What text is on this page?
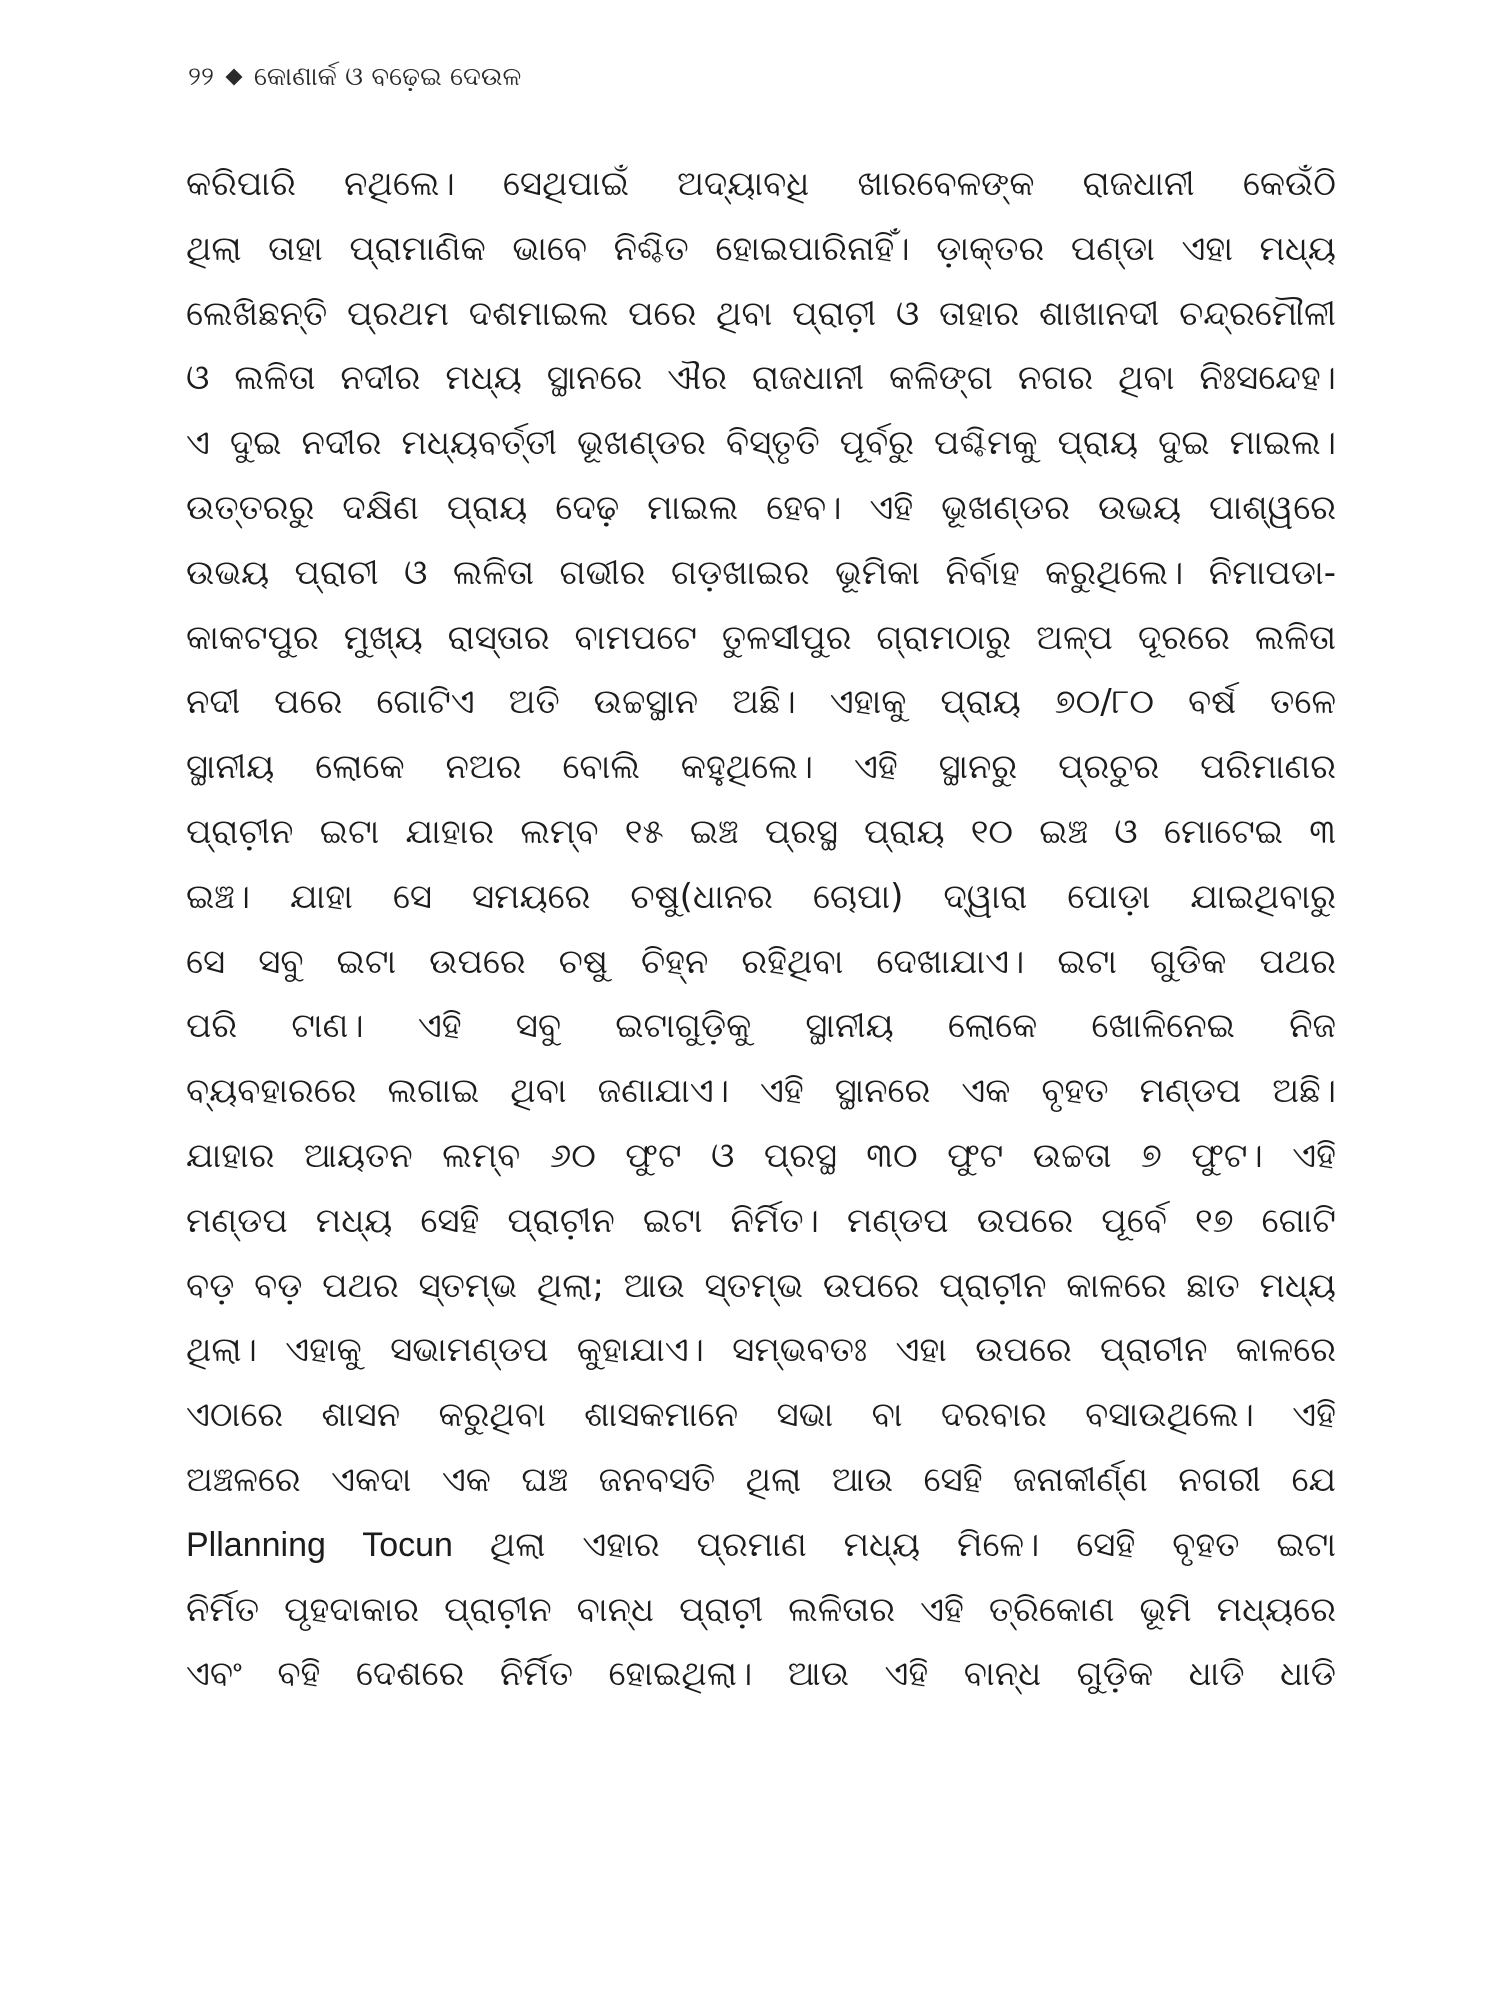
୨୨ କୋଣାର୍କ ଓ ବଢ଼େଇ ଦେଉଳ
କରିପାରି ନଥିଲେ। ସେଥିପାଇଁ ଅଦ୍ୟାବଧି ଖାରବେଳଙ୍କ ରାଜଧାନୀ କେଉଁଠି
ଥିଲା ତାହା ପ୍ରାମାଣିକ ଭାବେ ନିଶ୍ଚିତ ହୋଇପାରିନାହିଁ। ଡ଼ାକ୍ତର ପଣ୍ଡା ଏହା ମଧ୍ୟ
ଲେଖିଛନ୍ତି ପ୍ରଥମ ଦଶମାଇଲ ପରେ ଥିବା ପ୍ରାଚ଼ୀ ଓ ତାହାର ଶାଖାନଦୀ ଚନ୍ଦ୍ରମୌଳୀ
ଓ ଲଳିତା ନଦୀର ମଧ୍ୟ ସ୍ଥାନରେ ଐର ରାଜଧାନୀ କଳିଙ୍ଗ ନଗର ଥିବା ନିଃସନ୍ଦେହ।
ଏ ଦୁଇ ନଦୀର ମଧ୍ୟବର୍ତ୍ତୀ ଭୂଖଣ୍ଡର ବିସ୍ତୃତି ପୂର୍ବରୁ ପଶ୍ଚିମକୁ ପ୍ରାୟ ଦୁଇ ମାଇଲ।
ଉତ୍ତରରୁ ଦକ୍ଷିଣ ପ୍ରାୟ ଦେଢ଼ ମାଇଲ ହେବ। ଏହି ଭୂଖଣ୍ଡର ଉଭୟ ପାଶ୍ୱରେ
ଉଭୟ ପ୍ରାଚୀ ଓ ଲଳିତା ଗଭୀର ଗଡ଼ଖାଇର ଭୂମିକା ନିର୍ବାହ କରୁଥିଲେ। ନିମାପଡା-
କାକଟପୁର ମୁଖ୍ୟ ରାସ୍ତାର ବାମପଟେ ତୁଳସୀପୁର ଗ୍ରାମଠାରୁ ଅଳ୍ପ ଦୂରରେ ଲଳିତା
ନଦୀ ପରେ ଗୋଟିଏ ଅତି ଉଚ୍ଚସ୍ଥାନ ଅଛି। ଏହାକୁ ପ୍ରାୟ ୭୦/୮୦ ବର୍ଷ ତଳେ
ସ୍ଥାନୀୟ ଲୋକେ ନଅର ବୋଲି କହୁଥିଲେ। ଏହି ସ୍ଥାନରୁ ପ୍ରଚୁର ପରିମାଣର
ପ୍ରାଚ଼ୀନ ଇଟା ଯାହାର ଲମ୍ବ ୧୫ ଇଞ୍ଚ ପ୍ରସ୍ଥ ପ୍ରାୟ ୧୦ ଇଞ୍ଚ ଓ ମୋଟେଇ ୩
ଇଞ୍ଚ। ଯାହା ସେ ସମୟରେ ଚଷୁ(ଧାନର ଚୋପା) ଦ୍ୱାରା ପୋଡ଼ା ଯାଇଥିବାରୁ
ସେ ସବୁ ଇଟା ଉପରେ ଚଷୁ ଚିହ୍ନ ରହିଥିବା ଦେଖାଯାଏ। ଇଟା ଗୁଡିକ ପଥର
ପରି ଟାଣ। ଏହି ସବୁ ଇଟାଗୁଡ଼ିକୁ ସ୍ଥାନୀୟ ଲୋକେ ଖୋଳିନେଇ ନିଜ
ବ୍ୟବହାରରେ ଲଗାଇ ଥିବା ଜଣାଯାଏ। ଏହି ସ୍ଥାନରେ ଏକ ବୃହତ ମଣ୍ଡପ ଅଛି।
ଯାହାର ଆୟତନ ଲମ୍ବ ୬୦ ଫୁଟ ଓ ପ୍ରସ୍ଥ ୩୦ ଫୁଟ ଉଚ୍ଚତା ୭ ଫୁଟ। ଏହି
ମଣ୍ଡପ ମଧ୍ୟ ସେହି ପ୍ରାଚ଼ୀନ ଇଟା ନିର୍ମିତ। ମଣ୍ଡପ ଉପରେ ପୂର୍ବେ ୧୭ ଗୋଟି
ବଡ଼ ବଡ଼ ପଥର ସ୍ତମ୍ଭ ଥିଲା; ଆଉ ସ୍ତମ୍ଭ ଉପରେ ପ୍ରାଚ଼ୀନ କାଳରେ ଛାତ ମଧ୍ୟ
ଥିଲା। ଏହାକୁ ସଭାମଣ୍ଡପ କୁହାଯାଏ। ସମ୍ଭବତଃ ଏହା ଉପରେ ପ୍ରାଚୀନ କାଳରେ
ଏଠାରେ ଶାସନ କରୁଥିବା ଶାସକମାନେ ସଭା ବା ଦରବାର ବସାଉଥିଲେ। ଏହି
ଅଞ୍ଚଳରେ ଏକଦା ଏକ ଘଞ୍ଚ ଜନବସତି ଥିଲା ଆଉ ସେହି ଜନାକୀର୍ଣ୍ଣ ନଗରୀ ଯେ
Pllanning Tocun ଥିଲା ଏହାର ପ୍ରମାଣ ମଧ୍ୟ ମିଳେ। ସେହି ବୃହତ ଇଟା
ନିର୍ମିତ ପୃହଦାକାର ପ୍ରାଚ଼ୀନ ବାନ୍ଧ ପ୍ରାଚ଼ୀ ଲଳିତାର ଏହି ତ୍ରିକୋଣ ଭୂମି ମଧ୍ୟରେ
ଏବଂ ବହି ଦେଶରେ ନିର୍ମିତ ହୋଇଥିଲା। ଆଉ ଏହି ବାନ୍ଧ ଗୁଡ଼ିକ ଧାଡି ଧାଡି
